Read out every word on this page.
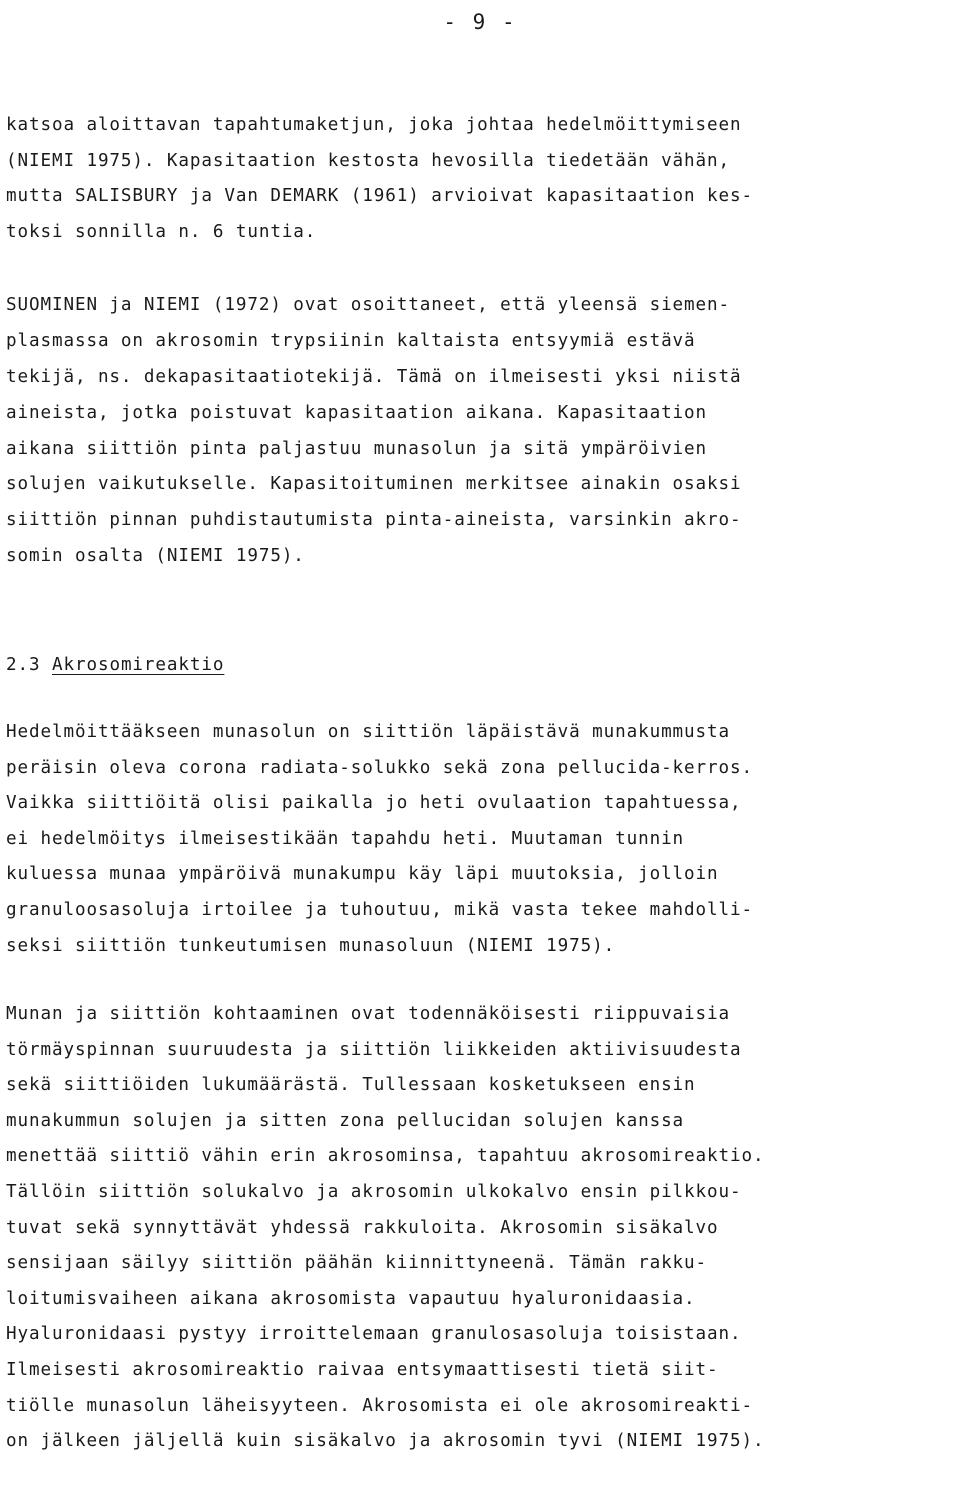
- 9 -
katsoa aloittavan tapahtumaketjun, joka johtaa hedelmöittymiseen
(NIEMI 1975). Kapasitaation kestosta hevosilla tiedetään vähän,
mutta SALISBURY ja Van DEMARK (1961) arvioivat kapasitaation kes-
toksi sonnilla n. 6 tuntia.
SUOMINEN ja NIEMI (1972) ovat osoittaneet, että yleensä siemen-
plasmassa on akrosomin trypsiinin kaltaista entsyymiä estävä
tekijä, ns. dekapasitaatiotekijä. Tämä on ilmeisesti yksi niistä
aineista, jotka poistuvat kapasitaation aikana. Kapasitaation
aikana siittiön pinta paljastuu munasolun ja sitä ympäröivien
solujen vaikutukselle. Kapasitoituminen merkitsee ainakin osaksi
siittiön pinnan puhdistautumista pinta-aineista, varsinkin akro-
somin osalta (NIEMI 1975).
2.3 Akrosomireaktio
Hedelmöittääkseen munasolun on siittiön läpäistävä munakummusta
peräisin oleva corona radiata-solukko sekä zona pellucida-kerros.
Vaikka siittiöitä olisi paikalla jo heti ovulaation tapahtuessa,
ei hedelmöitys ilmeisestikään tapahdu heti. Muutaman tunnin
kuluessa munaa ympäröivä munakumpu käy läpi muutoksia, jolloin
granuloosasoluja irtoilee ja tuhoutuu, mikä vasta tekee mahdolli-
seksi siittiön tunkeutumisen munasoluun (NIEMI 1975).
Munan ja siittiön kohtaaminen ovat todennäköisesti riippuvaisia
törmäyspinnan suuruudesta ja siittiön liikkeiden aktiivisuudesta
sekä siittiöiden lukumäärästä. Tullessaan kosketukseen ensin
munakummun solujen ja sitten zona pellucidan solujen kanssa
menettää siittiö vähin erin akrosominsa, tapahtuu akrosomireaktio.
Tällöin siittiön solukalvo ja akrosomin ulkokalvo ensin pilkkou-
tuvat sekä synnyttävät yhdessä rakkuloita. Akrosomin sisäkalvo
sensijaan säilyy siittiön päähän kiinnittyneenä. Tämän rakku-
loitumisvaiheen aikana akrosomista vapautuu hyaluronidaasia.
Hyaluronidaasi pystyy irroittelemaan granulosasoluja toisistaan.
Ilmeisesti akrosomireaktio raivaa entsymaattisesti tietä siit-
tiölle munasolun läheisyyteen. Akrosomista ei ole akrosomireakti-
on jälkeen jäljellä kuin sisäkalvo ja akrosomin tyvi (NIEMI 1975).
